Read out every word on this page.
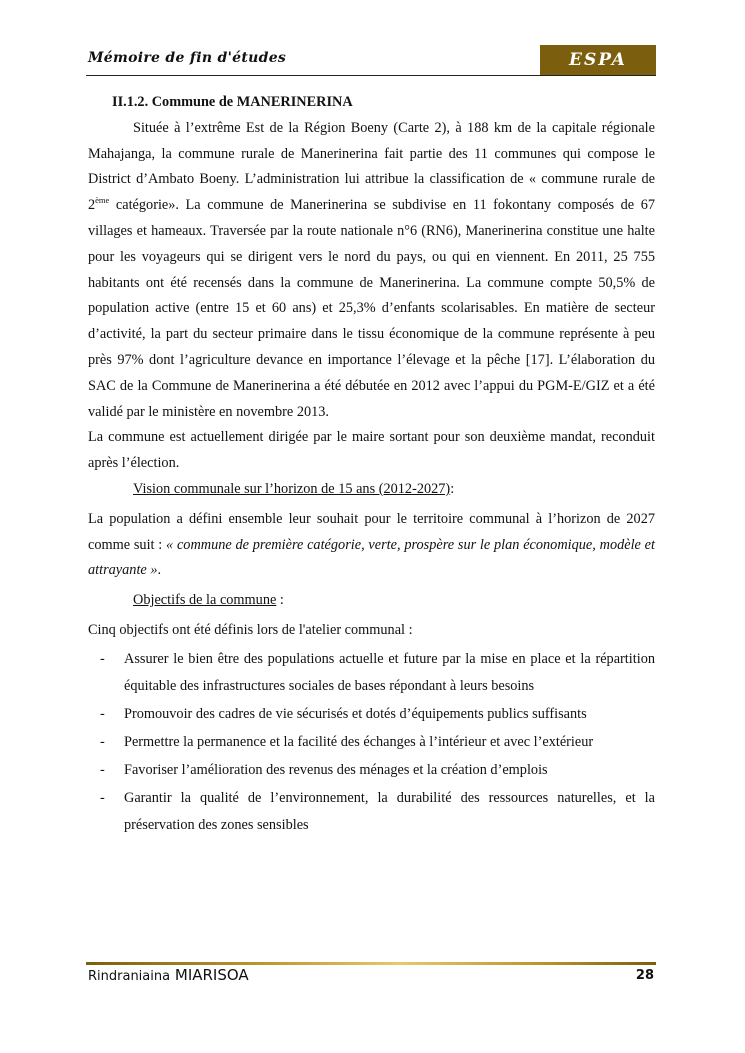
Mémoire de fin d'études	ESPA
II.1.2. Commune de MANERINERINA
Située à l’extrême Est de la Région Boeny (Carte 2), à 188 km de la capitale régionale Mahajanga, la commune rurale de Manerinerina fait partie des 11 communes qui compose le District d’Ambato Boeny. L’administration lui attribue la classification de « commune rurale de 2ème catégorie». La commune de Manerinerina se subdivise en 11 fokontany composés de 67 villages et hameaux. Traversée par la route nationale n°6 (RN6), Manerinerina constitue une halte pour les voyageurs qui se dirigent vers le nord du pays, ou qui en viennent. En 2011, 25 755 habitants ont été recensés dans la commune de Manerinerina. La commune compte 50,5% de population active (entre 15 et 60 ans) et 25,3% d’enfants scolarisables. En matière de secteur d’activité, la part du secteur primaire dans le tissu économique de la commune représente à peu près 97% dont l’agriculture devance en importance l’élevage et la pêche [17]. L’élaboration du SAC de la Commune de Manerinerina a été débutée en 2012 avec l’appui du PGM-E/GIZ et a été validé par le ministère en novembre 2013.
La commune est actuellement dirigée par le maire sortant pour son deuxième mandat, reconduit après l’élection.
Vision communale sur l’horizon de 15 ans (2012-2027):
La population a défini ensemble leur souhait pour le territoire communal à l’horizon de 2027 comme suit : « commune de première catégorie, verte, prospère sur le plan économique, modèle et attrayante ».
Objectifs de la commune :
Cinq objectifs ont été définis lors de l'atelier communal :
- Assurer le bien être des populations actuelle et future par la mise en place et la répartition équitable des infrastructures sociales de bases répondant à leurs besoins
- Promouvoir des cadres de vie sécurisés et dotés d’équipements publics suffisants
- Permettre la permanence et la facilité des échanges à l’intérieur et avec l’extérieur
- Favoriser l’amélioration des revenus des ménages et la création d’emplois
- Garantir la qualité de l’environnement, la durabilité des ressources naturelles, et la préservation des zones sensibles
Rindraniaina MIARISOA	28
